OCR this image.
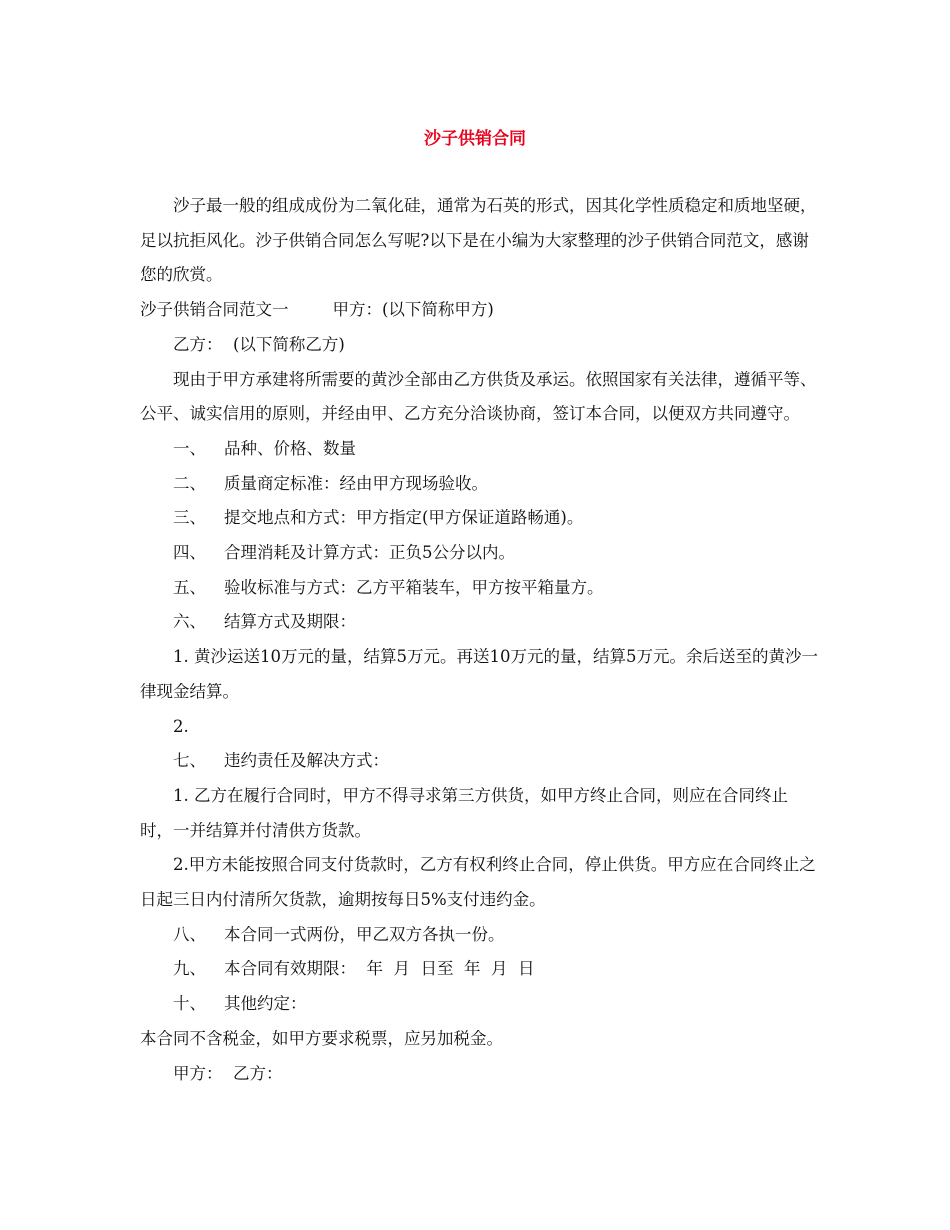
沙子供销合同

沙子最一般的组成成份为二氧化硅，通常为石英的形式，因其化学性质稳定和质地坚硬，足以抗拒风化。沙子供销合同怎么写呢?以下是在小编为大家整理的沙子供销合同范文，感谢您的欣赏。

沙子供销合同范文一	甲方：(以下简称甲方)

乙方：  (以下简称乙方)

现由于甲方承建将所需要的黄沙全部由乙方供货及承运。依照国家有关法律，遵循平等、公平、诚实信用的原则，并经由甲、乙方充分洽谈协商，签订本合同，以便双方共同遵守。

一、 品种、价格、数量

二、 质量商定标准：经由甲方现场验收。

三、 提交地点和方式：甲方指定(甲方保证道路畅通)。

四、 合理消耗及计算方式：正负5公分以内。

五、 验收标准与方式：乙方平箱装车，甲方按平箱量方。

六、 结算方式及期限：

1. 黄沙运送10万元的量，结算5万元。再送10万元的量，结算5万元。余后送至的黄沙一律现金结算。

2.

七、 违约责任及解决方式：

1. 乙方在履行合同时，甲方不得寻求第三方供货，如甲方终止合同，则应在合同终止时，一并结算并付清供方货款。

2.甲方未能按照合同支付货款时，乙方有权利终止合同，停止供货。甲方应在合同终止之日起三日内付清所欠货款，逾期按每日5%支付违约金。

八、 本合同一式两份，甲乙双方各执一份。

九、 本合同有效期限：  年  月  日至  年  月  日

十、 其他约定：

本合同不含税金，如甲方要求税票，应另加税金。

甲方：  乙方：
